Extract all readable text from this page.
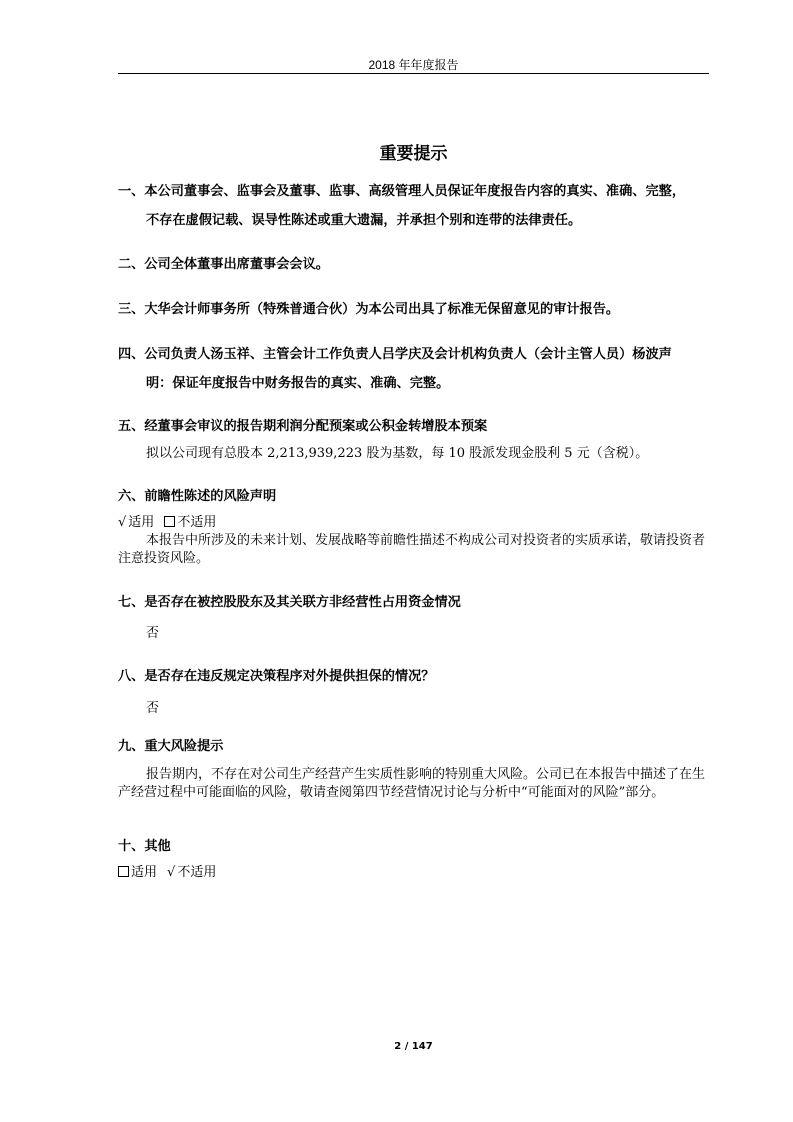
2018 年年度报告
重要提示
一、本公司董事会、监事会及董事、监事、高级管理人员保证年度报告内容的真实、准确、完整，
不存在虚假记载、误导性陈述或重大遗漏，并承担个别和连带的法律责任。
二、公司全体董事出席董事会会议。
三、大华会计师事务所（特殊普通合伙）为本公司出具了标准无保留意见的审计报告。
四、公司负责人汤玉祥、主管会计工作负责人吕学庆及会计机构负责人（会计主管人员）杨波声
明：保证年度报告中财务报告的真实、准确、完整。
五、经董事会审议的报告期利润分配预案或公积金转增股本预案
拟以公司现有总股本 2,213,939,223 股为基数，每 10 股派发现金股利 5 元（含税）。
六、前瞻性陈述的风险声明
√ 适用 不适用
本报告中所涉及的未来计划、发展战略等前瞻性描述不构成公司对投资者的实质承诺，敬请投资者注意投资风险。
七、是否存在被控股股东及其关联方非经营性占用资金情况
否
八、是否存在违反规定决策程序对外提供担保的情况？
否
九、重大风险提示
报告期内，不存在对公司生产经营产生实质性影响的特别重大风险。公司已在本报告中描述了在生产经营过程中可能面临的风险，敬请查阅第四节经营情况讨论与分析中“可能面对的风险”部分。
十、其他
适用 √ 不适用
2 / 147
